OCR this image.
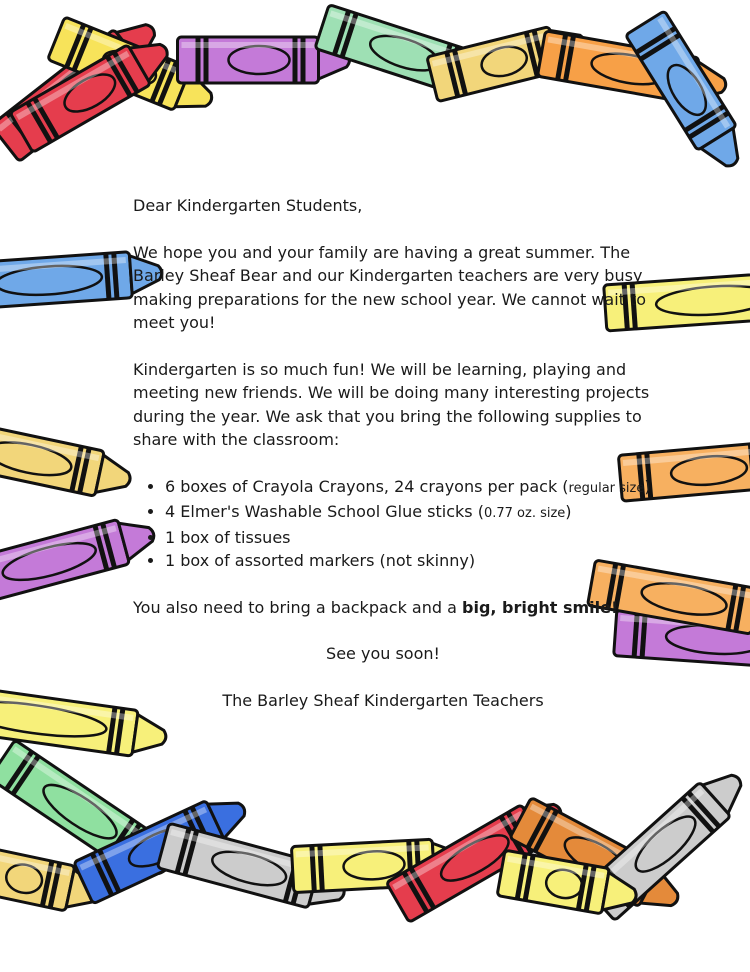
Dear Kindergarten Students,

We hope you and your family are having a great summer. The Barley Sheaf Bear and our Kindergarten teachers are very busy making preparations for the new school year. We cannot wait to meet you!

Kindergarten is so much fun! We will be learning, playing and meeting new friends. We will be doing many interesting projects during the year. We ask that you bring the following supplies to share with the classroom:

• 6 boxes of Crayola Crayons, 24 crayons per pack (regular size)
• 4 Elmer's Washable School Glue sticks (0.77 oz. size)
• 1 box of tissues
• 1 box of assorted markers (not skinny)

You also need to bring a backpack and a big, bright smile!

See you soon!

The Barley Sheaf Kindergarten Teachers
